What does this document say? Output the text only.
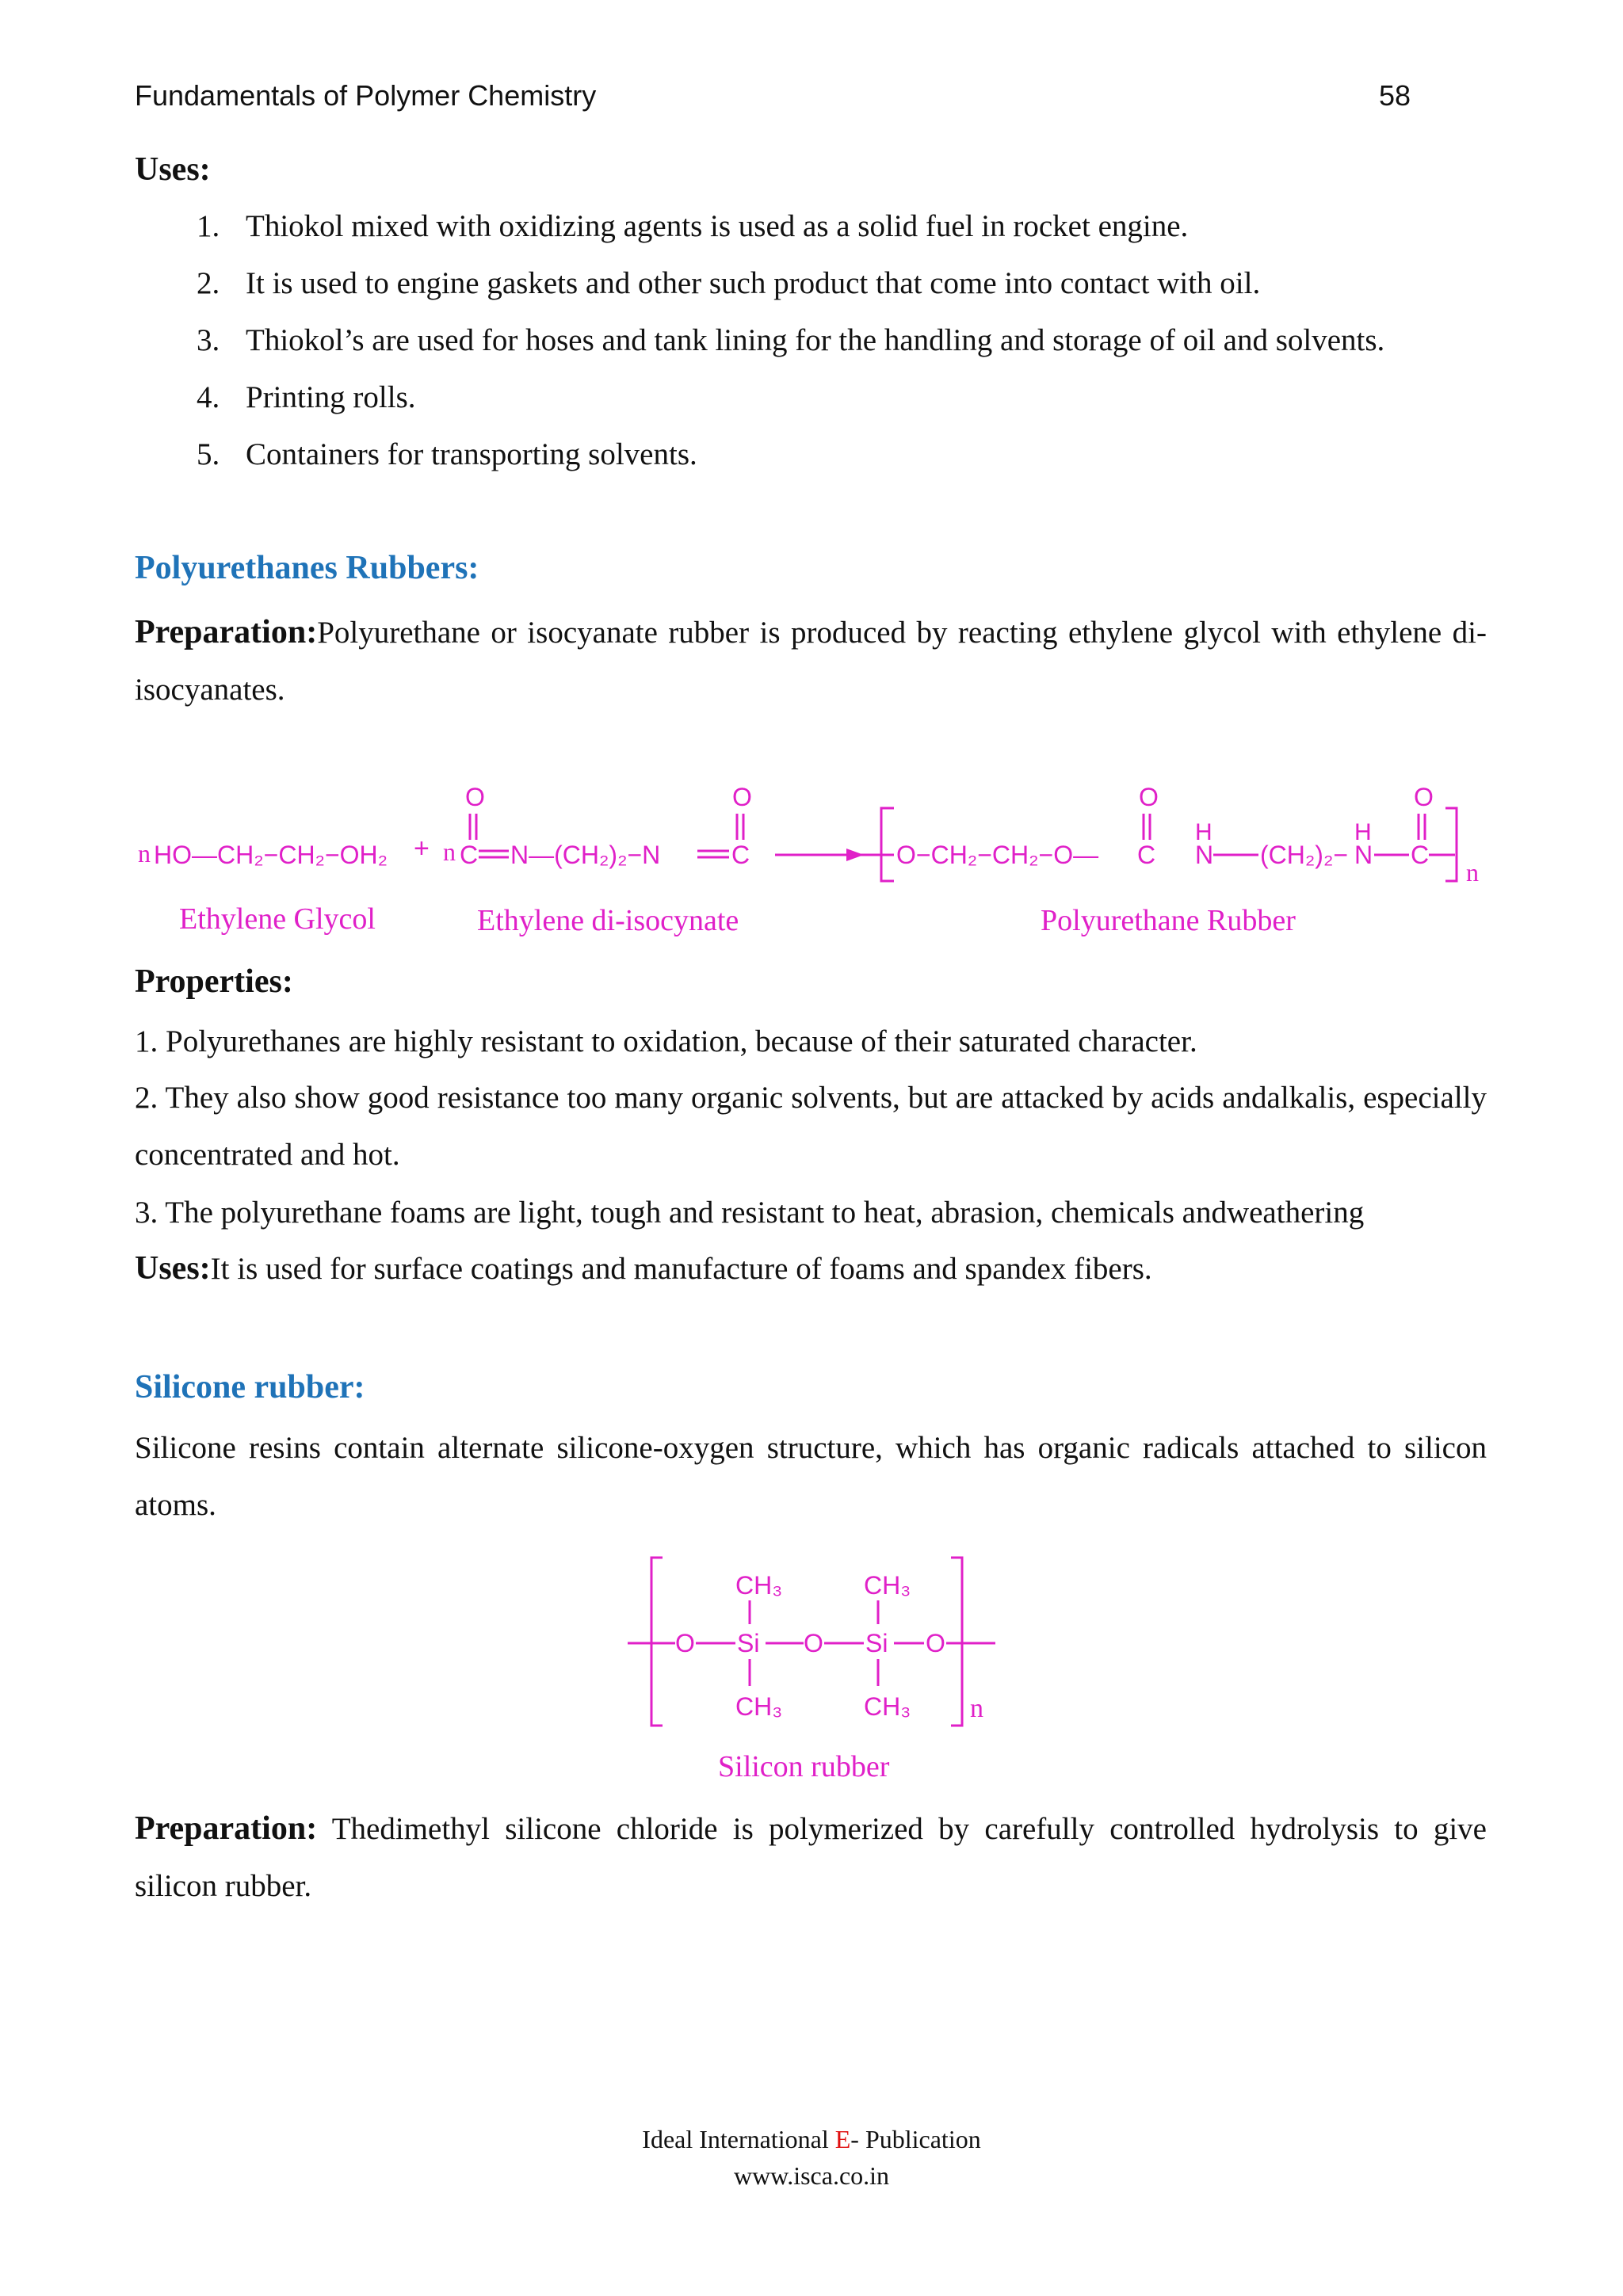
Fundamentals of Polymer Chemistry	58
Uses:
1. Thiokol mixed with oxidizing agents is used as a solid fuel in rocket engine.
2. It is used to engine gaskets and other such product that come into contact with oil.
3. Thiokol’s are used for hoses and tank lining for the handling and storage of oil and solvents.
4. Printing rolls.
5. Containers for transporting solvents.
Polyurethanes Rubbers:
Preparation:Polyurethane or isocyanate rubber is produced by reacting ethylene glycol with ethylene di- isocyanates.
n HO—CH₂−CH₂−OH₂ + n C
O
N—(CH₂)₂−N	C
O
O−CH₂−CH₂−O— C
O
H
N (CH₂)₂−
H
N C
O
n
Ethylene Glycol	Ethylene di-isocynate	Polyurethane Rubber
Properties:
1. Polyurethanes are highly resistant to oxidation, because of their saturated character.
2. They also show good resistance too many organic solvents, but are attacked by acids andalkalis, especially concentrated and hot.
3. The polyurethane foams are light, tough and resistant to heat, abrasion, chemicals andweathering
Uses:It is used for surface coatings and manufacture of foams and spandex fibers.
Silicone rubber:
Silicone resins contain alternate silicone-oxygen structure, which has organic radicals attached to silicon atoms.
CH₃	CH₃
O Si O Si O
CH₃	CH₃ n
Silicon rubber
Preparation: Thedimethyl silicone chloride is polymerized by carefully controlled hydrolysis to give silicon rubber.
Ideal International E- Publication
www.isca.co.in
